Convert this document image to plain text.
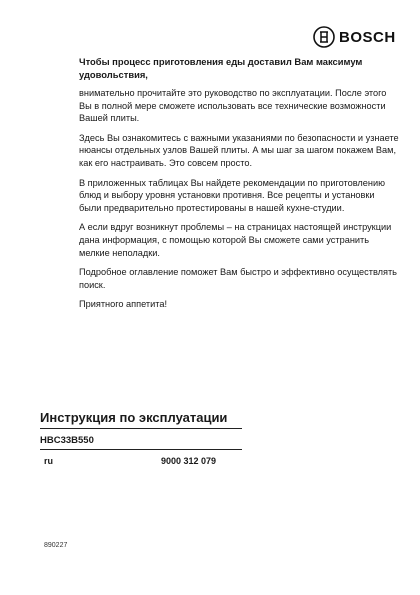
BOSCH

Чтобы процесс приготовления еды доставил Вам максимум удовольствия,

внимательно прочитайте это руководство по эксплуатации. После этого Вы в полной мере сможете использовать все технические возможности Вашей плиты.

Здесь Вы ознакомитесь с важными указаниями по безопасности и узнаете нюансы отдельных узлов Вашей плиты. А мы шаг за шагом покажем Вам, как его настраивать. Это совсем просто.

В приложенных таблицах Вы найдете рекомендации по приготовлению блюд и выбору уровня установки противня. Все рецепты и установки были предварительно протестированы в нашей кухне-студии.

А если вдруг возникнут проблемы – на страницах настоящей инструкции дана информация, с помощью которой Вы сможете сами устранить мелкие неполадки.

Подробное оглавление поможет Вам быстро и эффективно осуществлять поиск.

Приятного аппетита!

Инструкция по эксплуатации
HBC33B550
ru	9000 312 079
890227
